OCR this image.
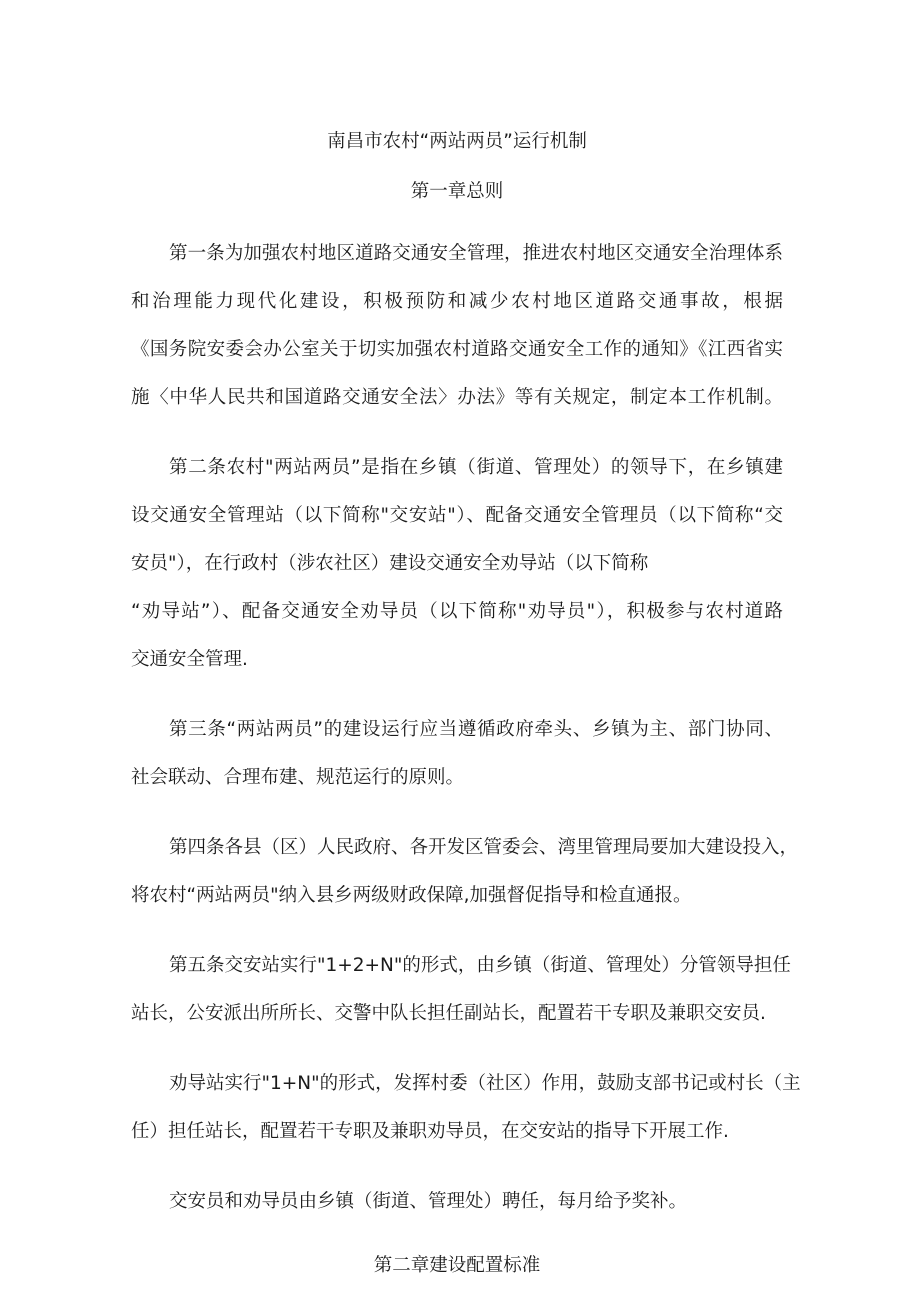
南昌市农村“两站两员”运行机制
第一章总则
第一条为加强农村地区道路交通安全管理，推进农村地区交通安全治理体系
和治理能力现代化建设，积极预防和减少农村地区道路交通事故，根据
《国务院安委会办公室关于切实加强农村道路交通安全工作的通知》《江西省实
施〈中华人民共和国道路交通安全法〉办法》等有关规定，制定本工作机制。
第二条农村"两站两员”是指在乡镇（街道、管理处）的领导下，在乡镇建
设交通安全管理站（以下简称"交安站"）、配备交通安全管理员（以下简称“交
安员"），在行政村（涉农社区）建设交通安全劝导站（以下简称
“劝导站”）、配备交通安全劝导员（以下简称"劝导员"），积极参与农村道路
交通安全管理.
第三条“两站两员”的建设运行应当遵循政府牵头、乡镇为主、部门协同、
社会联动、合理布建、规范运行的原则。
第四条各县（区）人民政府、各开发区管委会、湾里管理局要加大建设投入，
将农村“两站两员"纳入县乡两级财政保障,加强督促指导和检直通报。
第五条交安站实行"1+2+N"的形式，由乡镇（街道、管理处）分管领导担任
站长，公安派出所所长、交警中队长担任副站长，配置若干专职及兼职交安员.
劝导站实行"1+N"的形式，发挥村委（社区）作用，鼓励支部书记或村长（主
任）担任站长，配置若干专职及兼职劝导员，在交安站的指导下开展工作.
交安员和劝导员由乡镇（街道、管理处）聘任，每月给予奖补。
第二章建设配置标准
